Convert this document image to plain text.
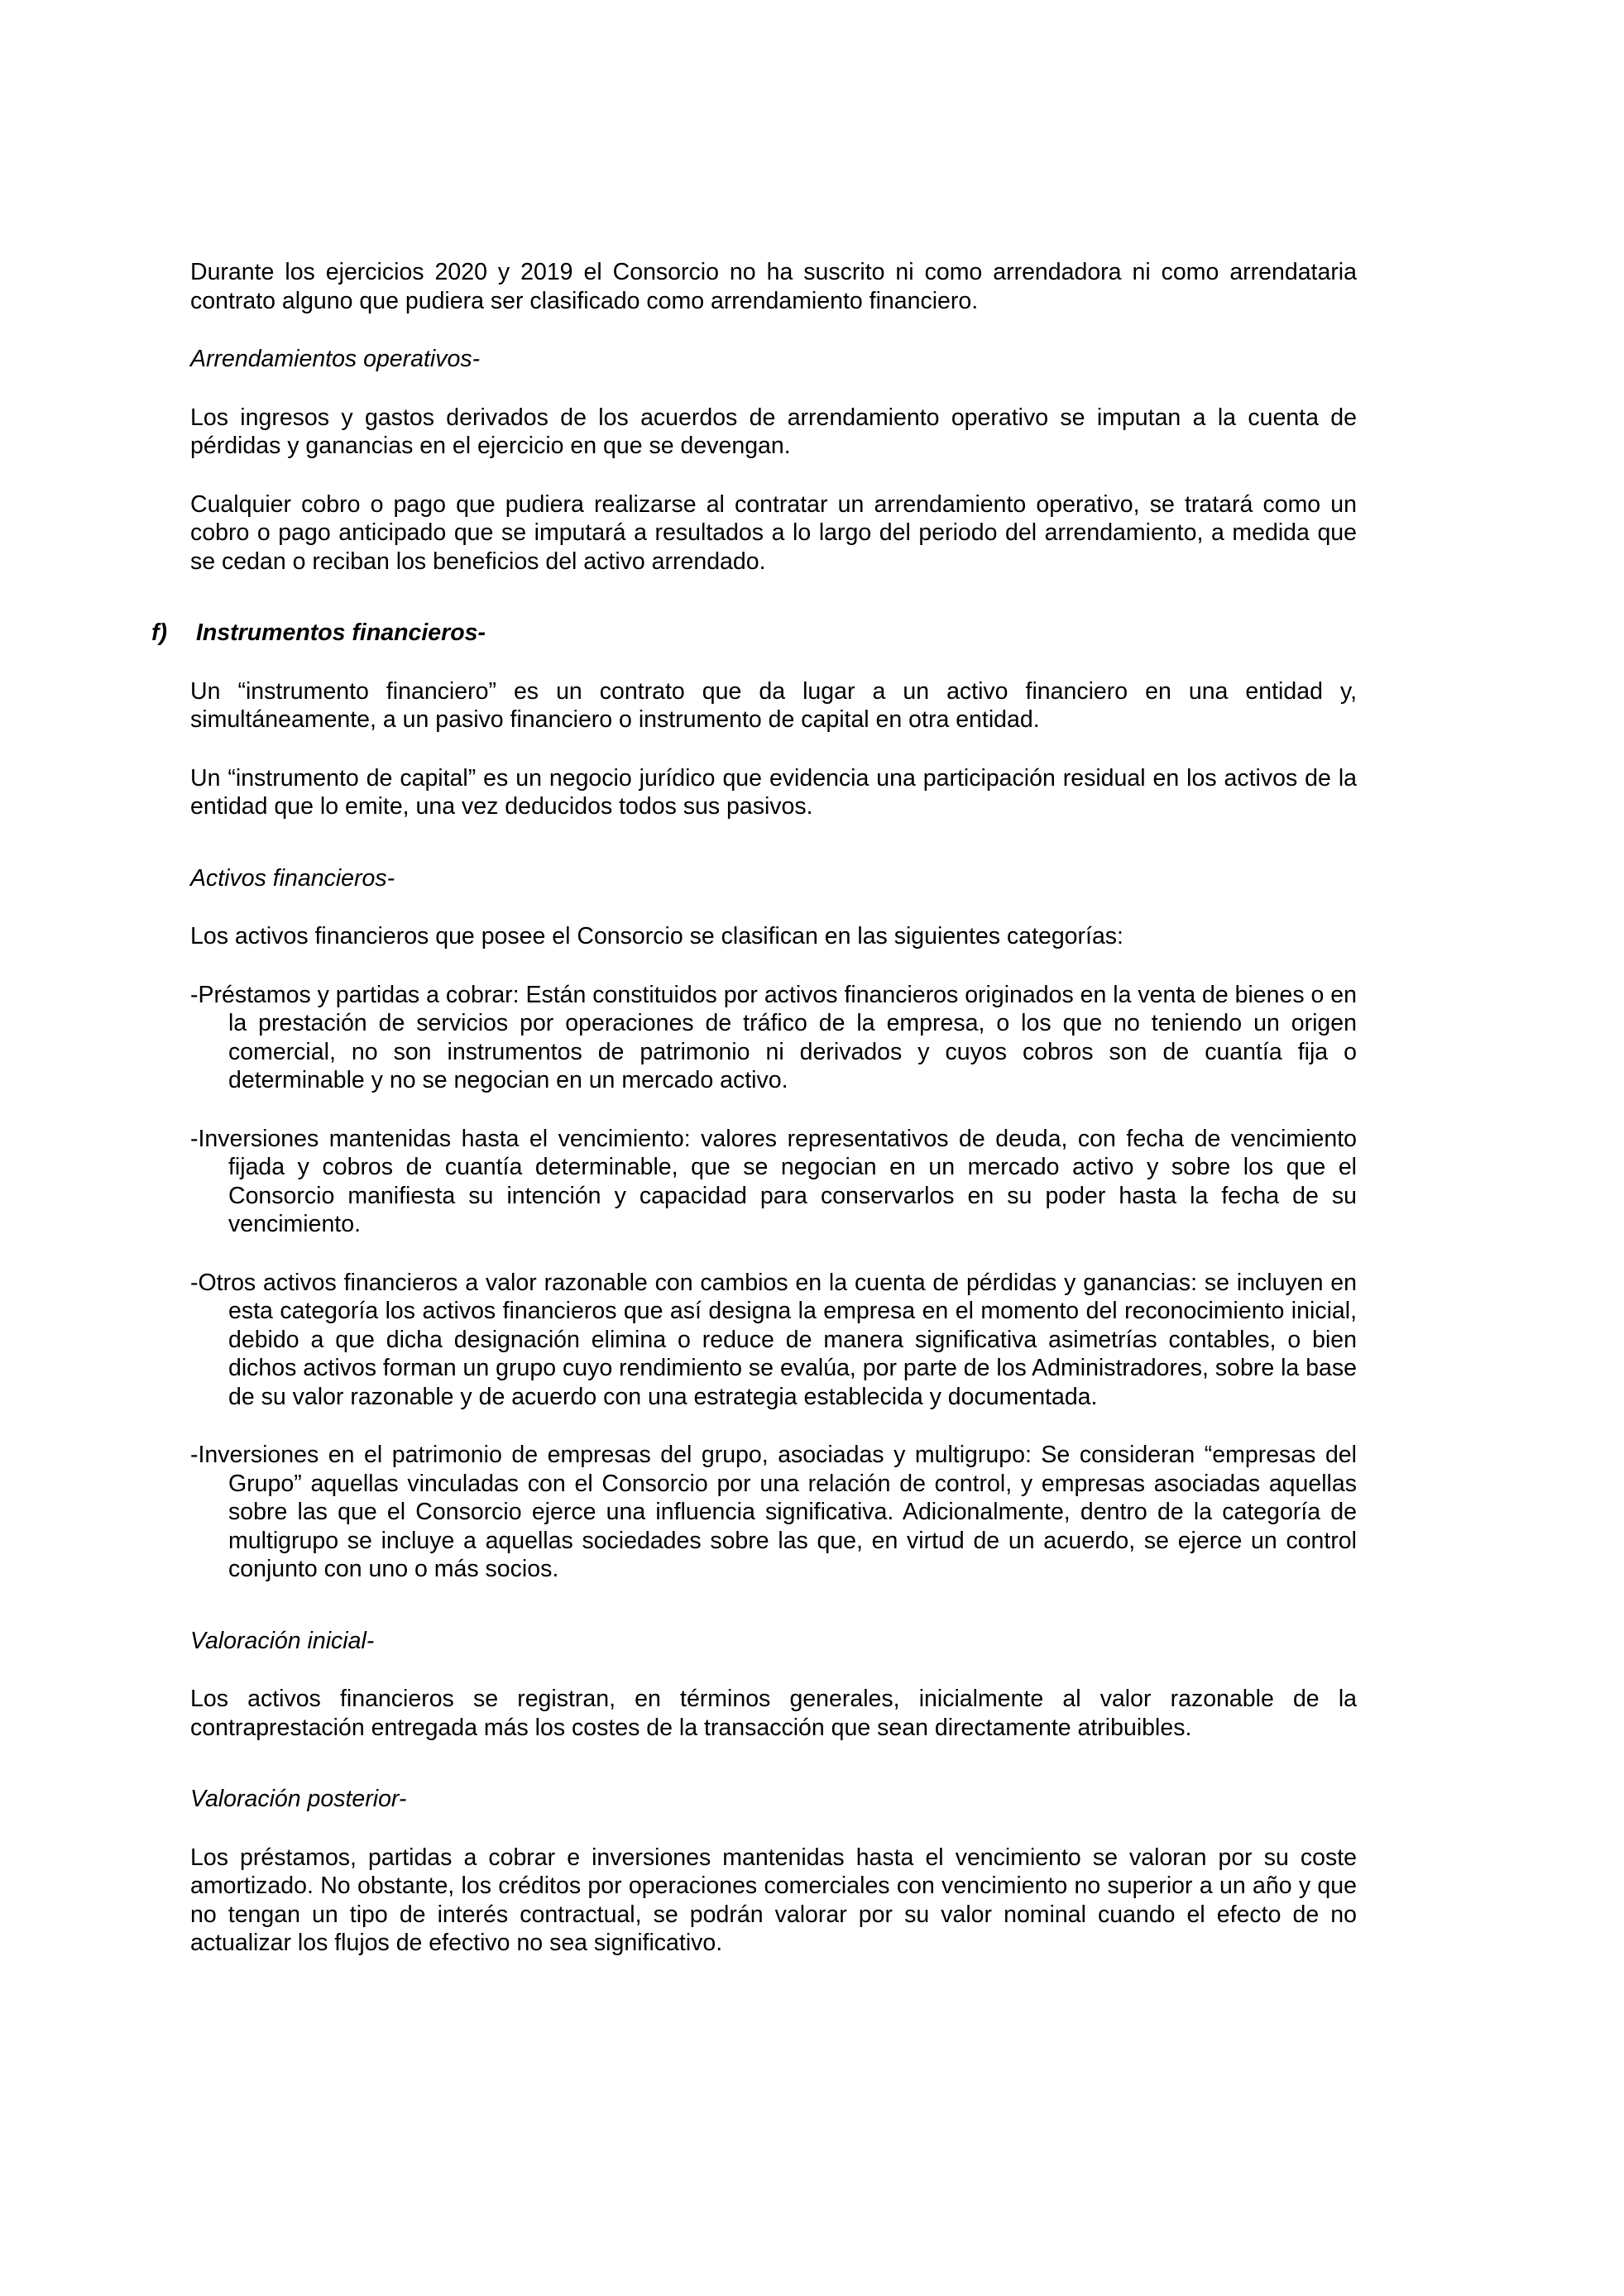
Durante los ejercicios 2020 y 2019 el Consorcio no ha suscrito ni como arrendadora ni como arrendataria contrato alguno que pudiera ser clasificado como arrendamiento financiero.

Arrendamientos operativos-

Los ingresos y gastos derivados de los acuerdos de arrendamiento operativo se imputan a la cuenta de pérdidas y ganancias en el ejercicio en que se devengan.

Cualquier cobro o pago que pudiera realizarse al contratar un arrendamiento operativo, se tratará como un cobro o pago anticipado que se imputará a resultados a lo largo del periodo del arrendamiento, a medida que se cedan o reciban los beneficios del activo arrendado.

f) Instrumentos financieros-

Un “instrumento financiero” es un contrato que da lugar a un activo financiero en una entidad y, simultáneamente, a un pasivo financiero o instrumento de capital en otra entidad.

Un “instrumento de capital” es un negocio jurídico que evidencia una participación residual en los activos de la entidad que lo emite, una vez deducidos todos sus pasivos.

Activos financieros-

Los activos financieros que posee el Consorcio se clasifican en las siguientes categorías:

-Préstamos y partidas a cobrar: Están constituidos por activos financieros originados en la venta de bienes o en la prestación de servicios por operaciones de tráfico de la empresa, o los que no teniendo un origen comercial, no son instrumentos de patrimonio ni derivados y cuyos cobros son de cuantía fija o determinable y no se negocian en un mercado activo.

-Inversiones mantenidas hasta el vencimiento: valores representativos de deuda, con fecha de vencimiento fijada y cobros de cuantía determinable, que se negocian en un mercado activo y sobre los que el Consorcio manifiesta su intención y capacidad para conservarlos en su poder hasta la fecha de su vencimiento.

-Otros activos financieros a valor razonable con cambios en la cuenta de pérdidas y ganancias: se incluyen en esta categoría los activos financieros que así designa la empresa en el momento del reconocimiento inicial, debido a que dicha designación elimina o reduce de manera significativa asimetrías contables, o bien dichos activos forman un grupo cuyo rendimiento se evalúa, por parte de los Administradores, sobre la base de su valor razonable y de acuerdo con una estrategia establecida y documentada.

-Inversiones en el patrimonio de empresas del grupo, asociadas y multigrupo: Se consideran “empresas del Grupo” aquellas vinculadas con el Consorcio por una relación de control, y empresas asociadas aquellas sobre las que el Consorcio ejerce una influencia significativa. Adicionalmente, dentro de la categoría de multigrupo se incluye a aquellas sociedades sobre las que, en virtud de un acuerdo, se ejerce un control conjunto con uno o más socios.

Valoración inicial-

Los activos financieros se registran, en términos generales, inicialmente al valor razonable de la contraprestación entregada más los costes de la transacción que sean directamente atribuibles.

Valoración posterior-

Los préstamos, partidas a cobrar e inversiones mantenidas hasta el vencimiento se valoran por su coste amortizado. No obstante, los créditos por operaciones comerciales con vencimiento no superior a un año y que no tengan un tipo de interés contractual, se podrán valorar por su valor nominal cuando el efecto de no actualizar los flujos de efectivo no sea significativo.
